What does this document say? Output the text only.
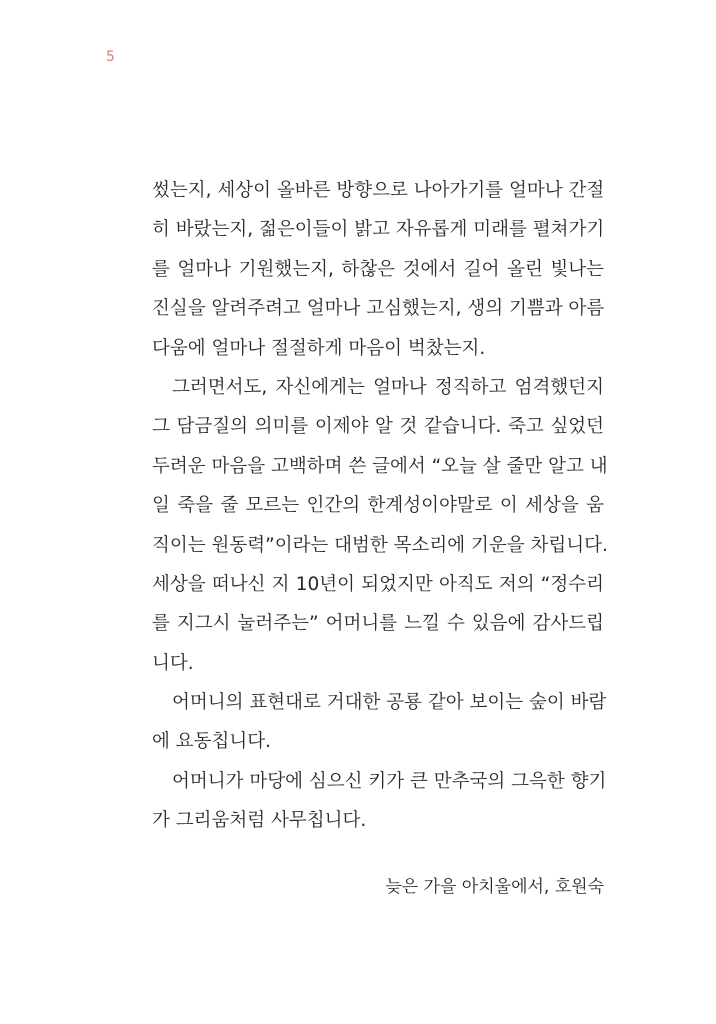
5
썼는지, 세상이 올바른 방향으로 나아가기를 얼마나 간절
히 바랐는지, 젊은이들이 밝고 자유롭게 미래를 펼쳐가기
를 얼마나 기원했는지, 하찮은 것에서 길어 올린 빛나는
진실을 알려주려고 얼마나 고심했는지, 생의 기쁨과 아름
다움에 얼마나 절절하게 마음이 벅찼는지.
그러면서도, 자신에게는 얼마나 정직하고 엄격했던지
그 담금질의 의미를 이제야 알 것 같습니다. 죽고 싶었던
두려운 마음을 고백하며 쓴 글에서 “오늘 살 줄만 알고 내
일 죽을 줄 모르는 인간의 한계성이야말로 이 세상을 움
직이는 원동력”이라는 대범한 목소리에 기운을 차립니다.
세상을 떠나신 지 10년이 되었지만 아직도 저의 “정수리
를 지그시 눌러주는” 어머니를 느낄 수 있음에 감사드립
니다.
어머니의 표현대로 거대한 공룡 같아 보이는 숲이 바람
에 요동칩니다.
어머니가 마당에 심으신 키가 큰 만추국의 그윽한 향기
가 그리움처럼 사무칩니다.
늦은 가을 아치울에서, 호원숙
